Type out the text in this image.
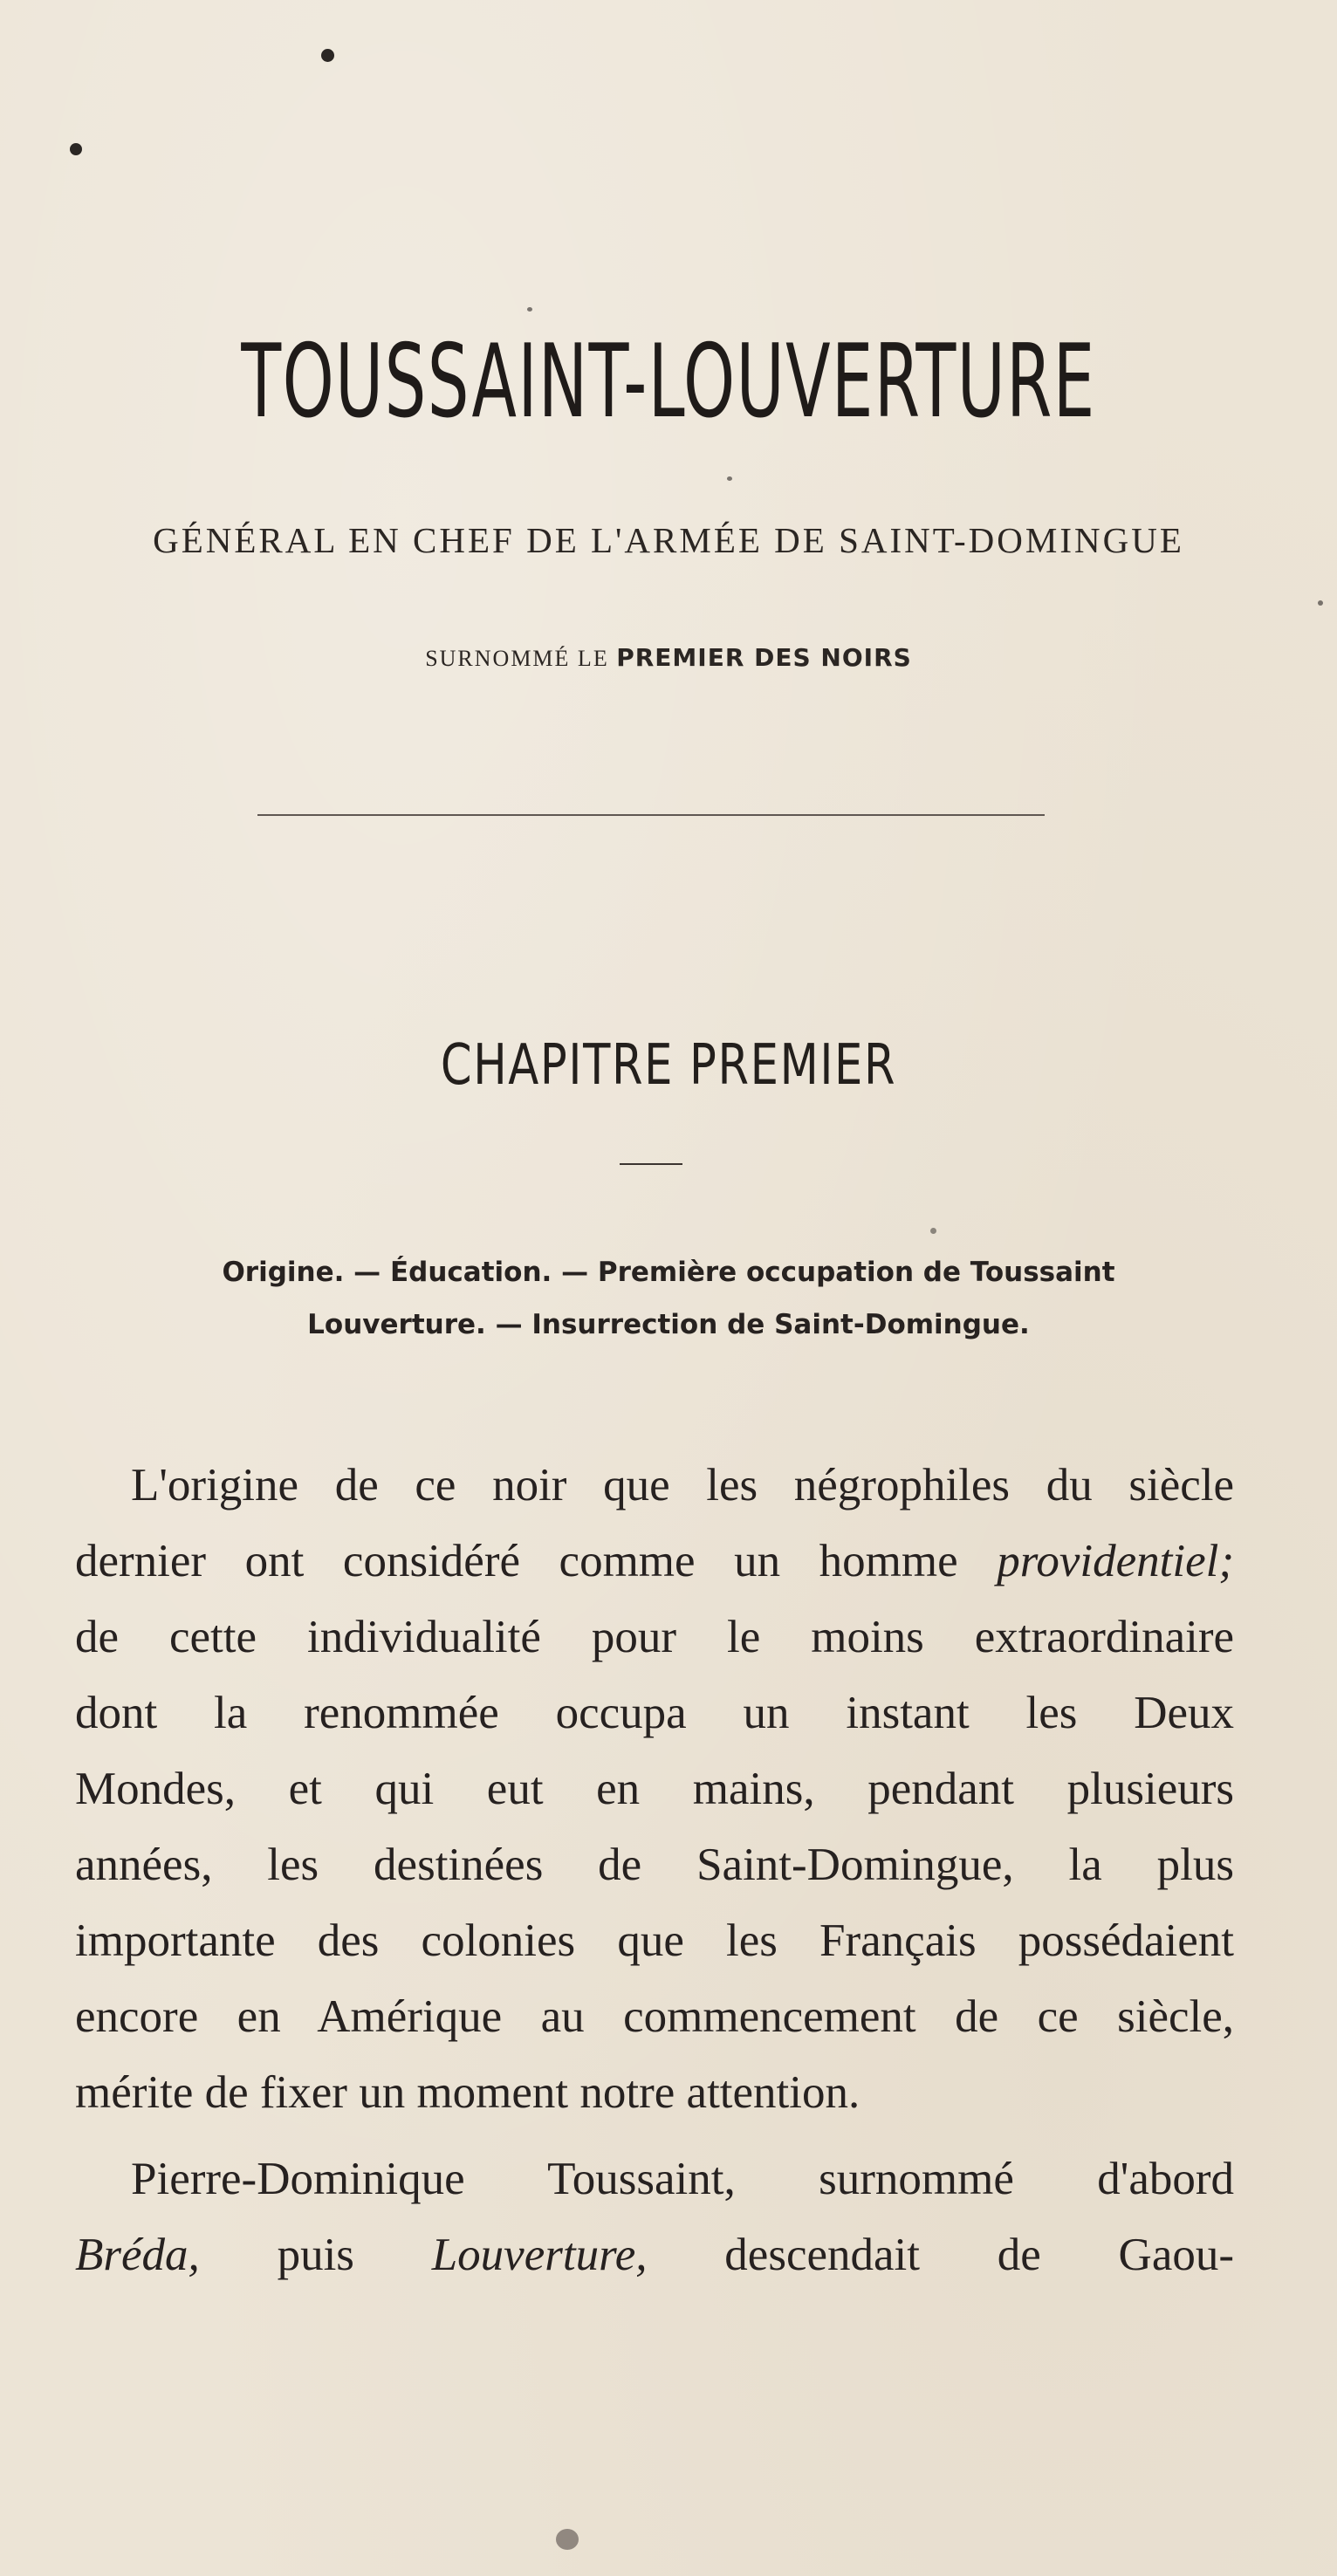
TOUSSAINT-LOUVERTURE
GÉNÉRAL EN CHEF DE L'ARMÉE DE SAINT-DOMINGUE
SURNOMMÉ LE PREMIER DES NOIRS
CHAPITRE PREMIER
Origine. — Éducation. — Première occupation de Toussaint
Louverture. — Insurrection de Saint-Domingue.
L'origine de ce noir que les négrophiles du siècle
dernier ont considéré comme un homme providentiel;
de cette individualité pour le moins extraordinaire
dont la renommée occupa un instant les Deux
Mondes, et qui eut en mains, pendant plusieurs
années, les destinées de Saint-Domingue, la plus
importante des colonies que les Français possédaient
encore en Amérique au commencement de ce siècle,
mérite de fixer un moment notre attention.
Pierre-Dominique Toussaint, surnommé d'abord
Bréda, puis Louverture, descendait de Gaou-
